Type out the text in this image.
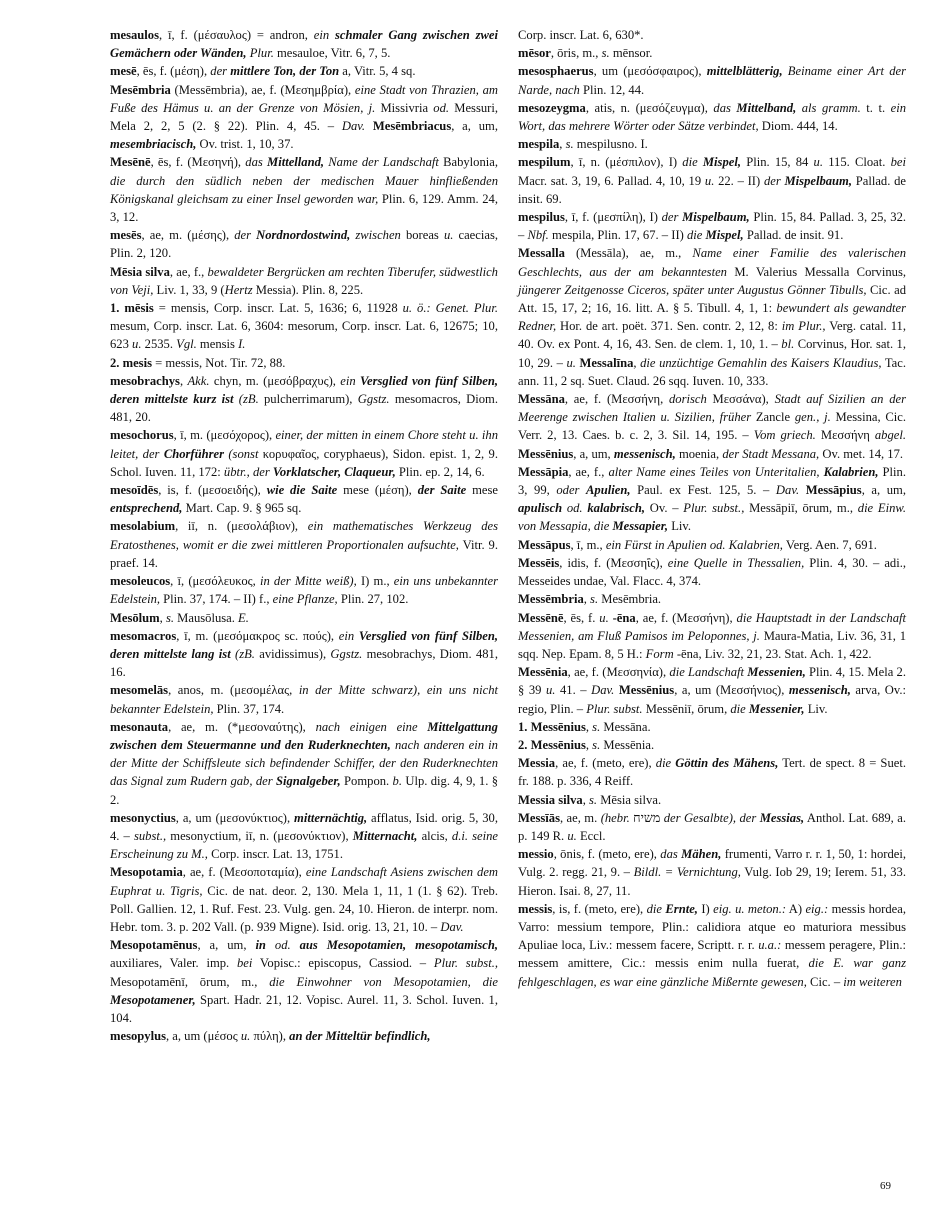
mesaulos, ī, f. (μέσαυλος) = andron, ein schmaler Gang zwischen zwei Gemächern oder Wänden, Plur. mesauloe, Vitr. 6, 7, 5.

mesē, ēs, f. (μέση), der mittlere Ton, der Ton a, Vitr. 5, 4 sq.

Mesēmbria (Messēmbria), ae, f. (Μεσημβρία), eine Stadt von Thrazien, am Fuße des Hämus u. an der Grenze von Mösien, j. Missivria od. Messuri, Mela 2, 2, 5 (2. § 22). Plin. 4, 45. – Dav. Mesēmbriacus, a, um, mesembriacisch, Ov. trist. 1, 10, 37.

Mesēnē, ēs, f. (Μεσηνή), das Mittelland, Name der Landschaft Babylonia, die durch den südlich neben der medischen Mauer hinfließenden Königskanal gleichsam zu einer Insel geworden war, Plin. 6, 129. Amm. 24, 3, 12.

mesēs, ae, m. (μέσης), der Nordnordostwind, zwischen boreas u. caecias, Plin. 2, 120.

Mēsia silva, ae, f., bewaldeter Bergrücken am rechten Tiberufer, südwestlich von Veji, Liv. 1, 33, 9 (Hertz Messia). Plin. 8, 225.

1. mēsis = mensis, Corp. inscr. Lat. 5, 1636; 6, 11928 u. ö.: Genet. Plur. mesum, Corp. inscr. Lat. 6, 3604: mesorum, Corp. inscr. Lat. 6, 12675; 10, 623 u. 2535. Vgl. mensis I.

2. mesis = messis, Not. Tir. 72, 88.

mesobrachys, Akk. chyn, m. (μεσόβραχυς), ein Versglied von fünf Silben, deren mittelste kurz ist (zB. pulcherrimarum), Ggstz. mesomacros, Diom. 481, 20.

mesochorus, ī, m. (μεσόχορος), einer, der mitten in einem Chore steht u. ihn leitet, der Chorführer (sonst κορυφαῖος, coryphaeus), Sidon. epist. 1, 2, 9. Schol. Iuven. 11, 172: übtr., der Vorklatscher, Claqueur, Plin. ep. 2, 14, 6.

mesoīdēs, is, f. (μεσοειδής), wie die Saite mese (μέση), der Saite mese entsprechend, Mart. Cap. 9. § 965 sq.

mesolabium, iī, n. (μεσολάβιον), ein mathematisches Werkzeug des Eratosthenes, womit er die zwei mittleren Proportionalen aufsuchte, Vitr. 9. praef. 14.

mesoleucos, ī, (μεσόλευκος, in der Mitte weiß), I) m., ein uns unbekannter Edelstein, Plin. 37, 174. – II) f., eine Pflanze, Plin. 27, 102.

Mesōlum, s. Mausōlusa. E.

mesomacros, ī, m. (μεσόμακρος sc. πούς), ein Versglied von fünf Silben, deren mittelste lang ist (zB. avidissimus), Ggstz. mesobrachys, Diom. 481, 16.

mesomelās, anos, m. (μεσομέλας, in der Mitte schwarz), ein uns nicht bekannter Edelstein, Plin. 37, 174.

mesonauta, ae, m. (*μεσοναύτης), nach einigen eine Mittelgattung zwischen dem Steuermanne und den Ruderknechten, nach anderen ein in der Mitte der Schiffsleute sich befindender Schiffer, der den Ruderknechten das Signal zum Rudern gab, der Signalgeber, Pompon. b. Ulp. dig. 4, 9, 1. § 2.

mesonyctius, a, um (μεσονύκτιος), mitternächtig, afflatus, Isid. orig. 5, 30, 4. – subst., mesonyctium, iī, n. (μεσονύκτιον), Mitternacht, alcis, d.i. seine Erscheinung zu M., Corp. inscr. Lat. 13, 1751.

Mesopotamia, ae, f. (Μεσοποταμία), eine Landschaft Asiens zwischen dem Euphrat u. Tigris, Cic. de nat. deor. 2, 130. Mela 1, 11, 1 (1. § 62). Treb. Poll. Gallien. 12, 1. Ruf. Fest. 23. Vulg. gen. 24, 10. Hieron. de interpr. nom. Hebr. tom. 3. p. 202 Vall. (p. 939 Migne). Isid. orig. 13, 21, 10. – Dav.

Mesopotamēnus, a, um, in od. aus Mesopotamien, mesopotamisch, auxiliares, Valer. imp. bei Vopisc.: episcopus, Cassiod. – Plur. subst., Mesopotamēnī, ōrum, m., die Einwohner von Mesopotamien, die Mesopotamener, Spart. Hadr. 21, 12. Vopisc. Aurel. 11, 3. Schol. Iuven. 1, 104.

mesopylus, a, um (μέσος u. πύλη), an der Mitteltür befindlich,

Corp. inscr. Lat. 6, 630*.

mēsor, ōris, m., s. mēnsor.

mesosphaerus, um (μεσόσφαιρος), mittelblätterig, Beiname einer Art der Narde, nach Plin. 12, 44.

mesozeygma, atis, n. (μεσόζευγμα), das Mittelband, als gramm. t. t. ein Wort, das mehrere Wörter oder Sätze verbindet, Diom. 444, 14.

mespila, s. mespilusno. I.

mespilum, ī, n. (μέσπιλον), I) die Mispel, Plin. 15, 84 u. 115. Cloat. bei Macr. sat. 3, 19, 6. Pallad. 4, 10, 19 u. 22. – II) der Mispelbaum, Pallad. de insit. 69.

mespilus, ī, f. (μεσπίλη), I) der Mispelbaum, Plin. 15, 84. Pallad. 3, 25, 32. – Nbf. mespila, Plin. 17, 67. – II) die Mispel, Pallad. de insit. 91.

Messalla (Messāla), ae, m., Name einer Familie des valerischen Geschlechts, aus der am bekanntesten M. Valerius Messalla Corvinus, jüngerer Zeitgenosse Ciceros, später unter Augustus Gönner Tibulls, Cic. ad Att. 15, 17, 2; 16, 16. litt. A. § 5. Tibull. 4, 1, 1: bewundert als gewandter Redner, Hor. de art. poët. 371. Sen. contr. 2, 12, 8: im Plur., Verg. catal. 11, 40. Ov. ex Pont. 4, 16, 43. Sen. de clem. 1, 10, 1. – bl. Corvinus, Hor. sat. 1, 10, 29. – u. Messalīna, die unzüchtige Gemahlin des Kaisers Klaudius, Tac. ann. 11, 2 sq. Suet. Claud. 26 sqq. Iuven. 10, 333.

Messāna, ae, f. (Μεσσήνη, dorisch Μεσσάνα), Stadt auf Sizilien an der Meerenge zwischen Italien u. Sizilien, früher Zancle gen., j. Messina, Cic. Verr. 2, 13. Caes. b. c. 2, 3. Sil. 14, 195. – Vom griech. Μεσσήνη abgel. Messēnius, a, um, messenisch, moenia, der Stadt Messana, Ov. met. 14, 17.

Messāpia, ae, f., alter Name eines Teiles von Unteritalien, Kalabrien, Plin. 3, 99, oder Apulien, Paul. ex Fest. 125, 5. – Dav. Messāpius, a, um, apulisch od. kalabrisch, Ov. – Plur. subst., Messāpiī, ōrum, m., die Einw. von Messapia, die Messapier, Liv.

Messāpus, ī, m., ein Fürst in Apulien od. Kalabrien, Verg. Aen. 7, 691.

Messēis, idis, f. (Μεσσηΐς), eine Quelle in Thessalien, Plin. 4, 30. – adi., Messeides undae, Val. Flacc. 4, 374.

Messēmbria, s. Mesēmbria.

Messēnē, ēs, f. u. -ēna, ae, f. (Μεσσήνη), die Hauptstadt in der Landschaft Messenien, am Fluß Pamisos im Peloponnes, j. Maura-Matia, Liv. 36, 31, 1 sqq. Nep. Epam. 8, 5 H.: Form -ēna, Liv. 32, 21, 23. Stat. Ach. 1, 422.

Messēnia, ae, f. (Μεσσηνία), die Landschaft Messenien, Plin. 4, 15. Mela 2. § 39 u. 41. – Dav. Messēnius, a, um (Μεσσήνιος), messenisch, arva, Ov.: regio, Plin. – Plur. subst. Messēniī, ōrum, die Messenier, Liv.

1. Messēnius, s. Messāna.

2. Messēnius, s. Messēnia.

Messia, ae, f. (meto, ere), die Göttin des Mähens, Tert. de spect. 8 = Suet. fr. 188. p. 336, 4 Reiff.

Messia silva, s. Mēsia silva.

Messīās, ae, m. (hebr. משיח der Gesalbte), der Messias, Anthol. Lat. 689, a. p. 149 R. u. Eccl.

messio, ōnis, f. (meto, ere), das Mähen, frumenti, Varro r. r. 1, 50, 1: hordei, Vulg. 2. regg. 21, 9. – Bildl. = Vernichtung, Vulg. Iob 29, 19; Ierem. 51, 33. Hieron. Isai. 8, 27, 11.

messis, is, f. (meto, ere), die Ernte, I) eig. u. meton.: A) eig.: messis hordea, Varro: messium tempore, Plin.: calidiora atque eo maturiora messibus Apuliae loca, Liv.: messem facere, Scriptt. r. r. u.a.: messem peragere, Plin.: messem amittere, Cic.: messis enim nulla fuerat, die E. war ganz fehlgeschlagen, es war eine gänzliche Mißernte gewesen, Cic. – im weiteren

69
